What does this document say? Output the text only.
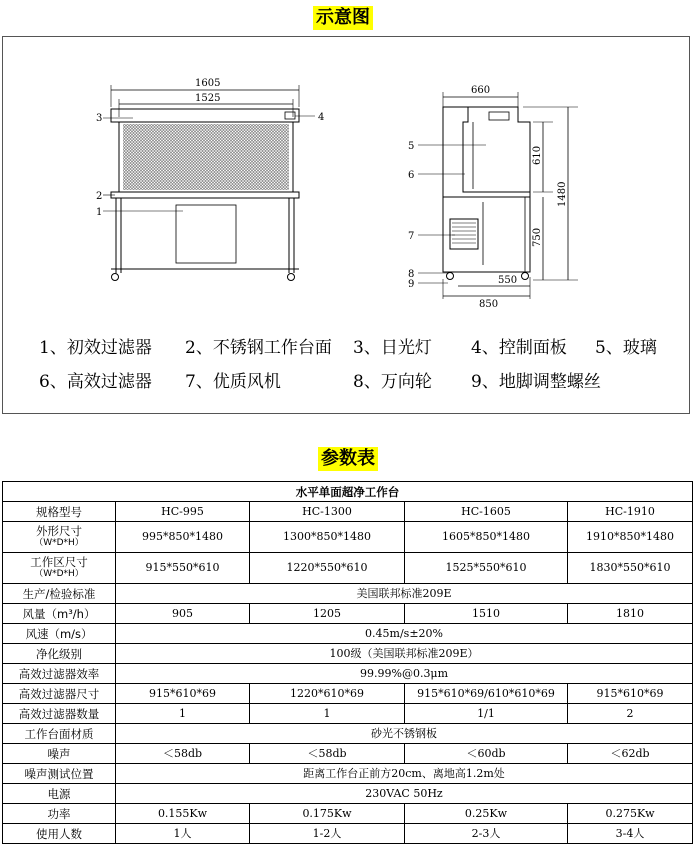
示意图
1605
1525
3	4
2
1
660
610
1480
750
550
850
5
6
7
8
9
1、初效过滤器 2、不锈钢工作台面 3、日光灯 4、控制面板 5、玻璃
6、高效过滤器 7、优质风机	8、万向轮 9、地脚调整螺丝
参数表
水平单面超净工作台				
规格型号	HC-995	HC-1300	HC-1605	HC-1910
外形尺寸
（W*D*H）	995*850*1480	1300*850*1480	1605*850*1480	1910*850*1480
工作区尺寸
（W*D*H）	915*550*610	1220*550*610	1525*550*610	1830*550*610
生产/检验标准	美国联邦标准209E			
风量（m³/h）	905	1205	1510	1810
风速（m/s）	0.45m/s±20%			
净化级别	100级（美国联邦标准209E）			
高效过滤器效率	99.99%@0.3μm			
高效过滤器尺寸	915*610*69	1220*610*69	915*610*69/610*610*69	915*610*69
高效过滤器数量	1	1	1/1	2
工作台面材质	砂光不锈钢板			
噪声	＜58db	＜58db	＜60db	＜62db
噪声测试位置	距离工作台正前方20cm、离地高1.2m处			
电源	230VAC 50Hz			
功率	0.155Kw	0.175Kw	0.25Kw	0.275Kw
使用人数	1人	1-2人	2-3人	3-4人
